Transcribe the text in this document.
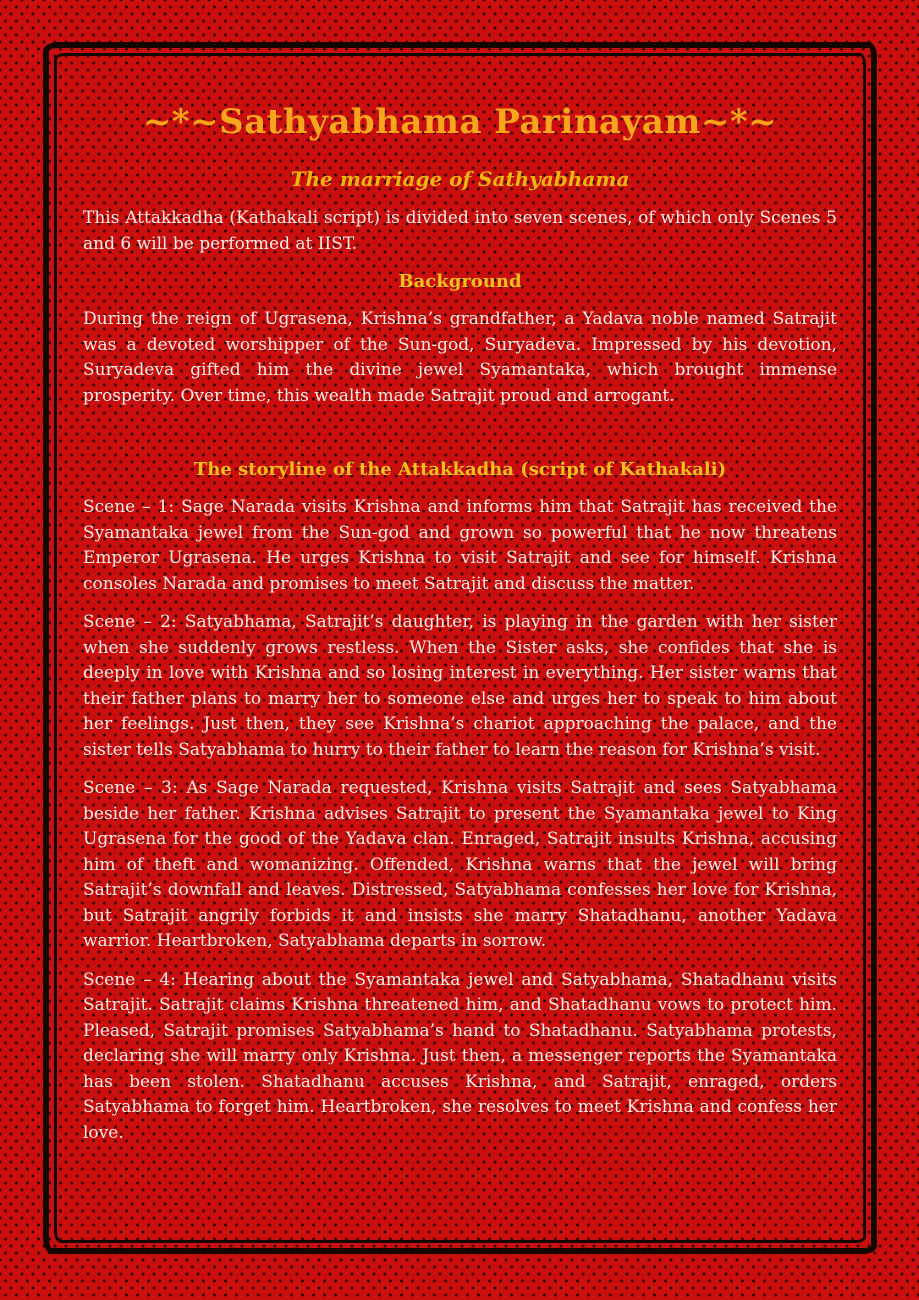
~*~Sathyabhama Parinayam~*~
The marriage of Sathyabhama

This Attakkadha (Kathakali script) is divided into seven scenes, of which only Scenes 5 and 6 will be performed at IIST.

Background

During the reign of Ugrasena, Krishna’s grandfather, a Yadava noble named Satrajit was a devoted worshipper of the Sun-god, Suryadeva. Impressed by his devotion, Suryadeva gifted him the divine jewel Syamantaka, which brought immense prosperity. Over time, this wealth made Satrajit proud and arrogant.

The storyline of the Attakkadha (script of Kathakali)

Scene – 1: Sage Narada visits Krishna and informs him that Satrajit has received the Syamantaka jewel from the Sun-god and grown so powerful that he now threatens Emperor Ugrasena. He urges Krishna to visit Satrajit and see for himself. Krishna consoles Narada and promises to meet Satrajit and discuss the matter.

Scene – 2: Satyabhama, Satrajit’s daughter, is playing in the garden with her sister when she suddenly grows restless. When the Sister asks, she confides that she is deeply in love with Krishna and so losing interest in everything. Her sister warns that their father plans to marry her to someone else and urges her to speak to him about her feelings. Just then, they see Krishna’s chariot approaching the palace, and the sister tells Satyabhama to hurry to their father to learn the reason for Krishna’s visit.

Scene – 3: As Sage Narada requested, Krishna visits Satrajit and sees Satyabhama beside her father. Krishna advises Satrajit to present the Syamantaka jewel to King Ugrasena for the good of the Yadava clan. Enraged, Satrajit insults Krishna, accusing him of theft and womanizing. Offended, Krishna warns that the jewel will bring Satrajit’s downfall and leaves. Distressed, Satyabhama confesses her love for Krishna, but Satrajit angrily forbids it and insists she marry Shatadhanu, another Yadava warrior. Heartbroken, Satyabhama departs in sorrow.

Scene – 4: Hearing about the Syamantaka jewel and Satyabhama, Shatadhanu visits Satrajit. Satrajit claims Krishna threatened him, and Shatadhanu vows to protect him. Pleased, Satrajit promises Satyabhama’s hand to Shatadhanu. Satyabhama protests, declaring she will marry only Krishna. Just then, a messenger reports the Syamantaka has been stolen. Shatadhanu accuses Krishna, and Satrajit, enraged, orders Satyabhama to forget him. Heartbroken, she resolves to meet Krishna and confess her love.
